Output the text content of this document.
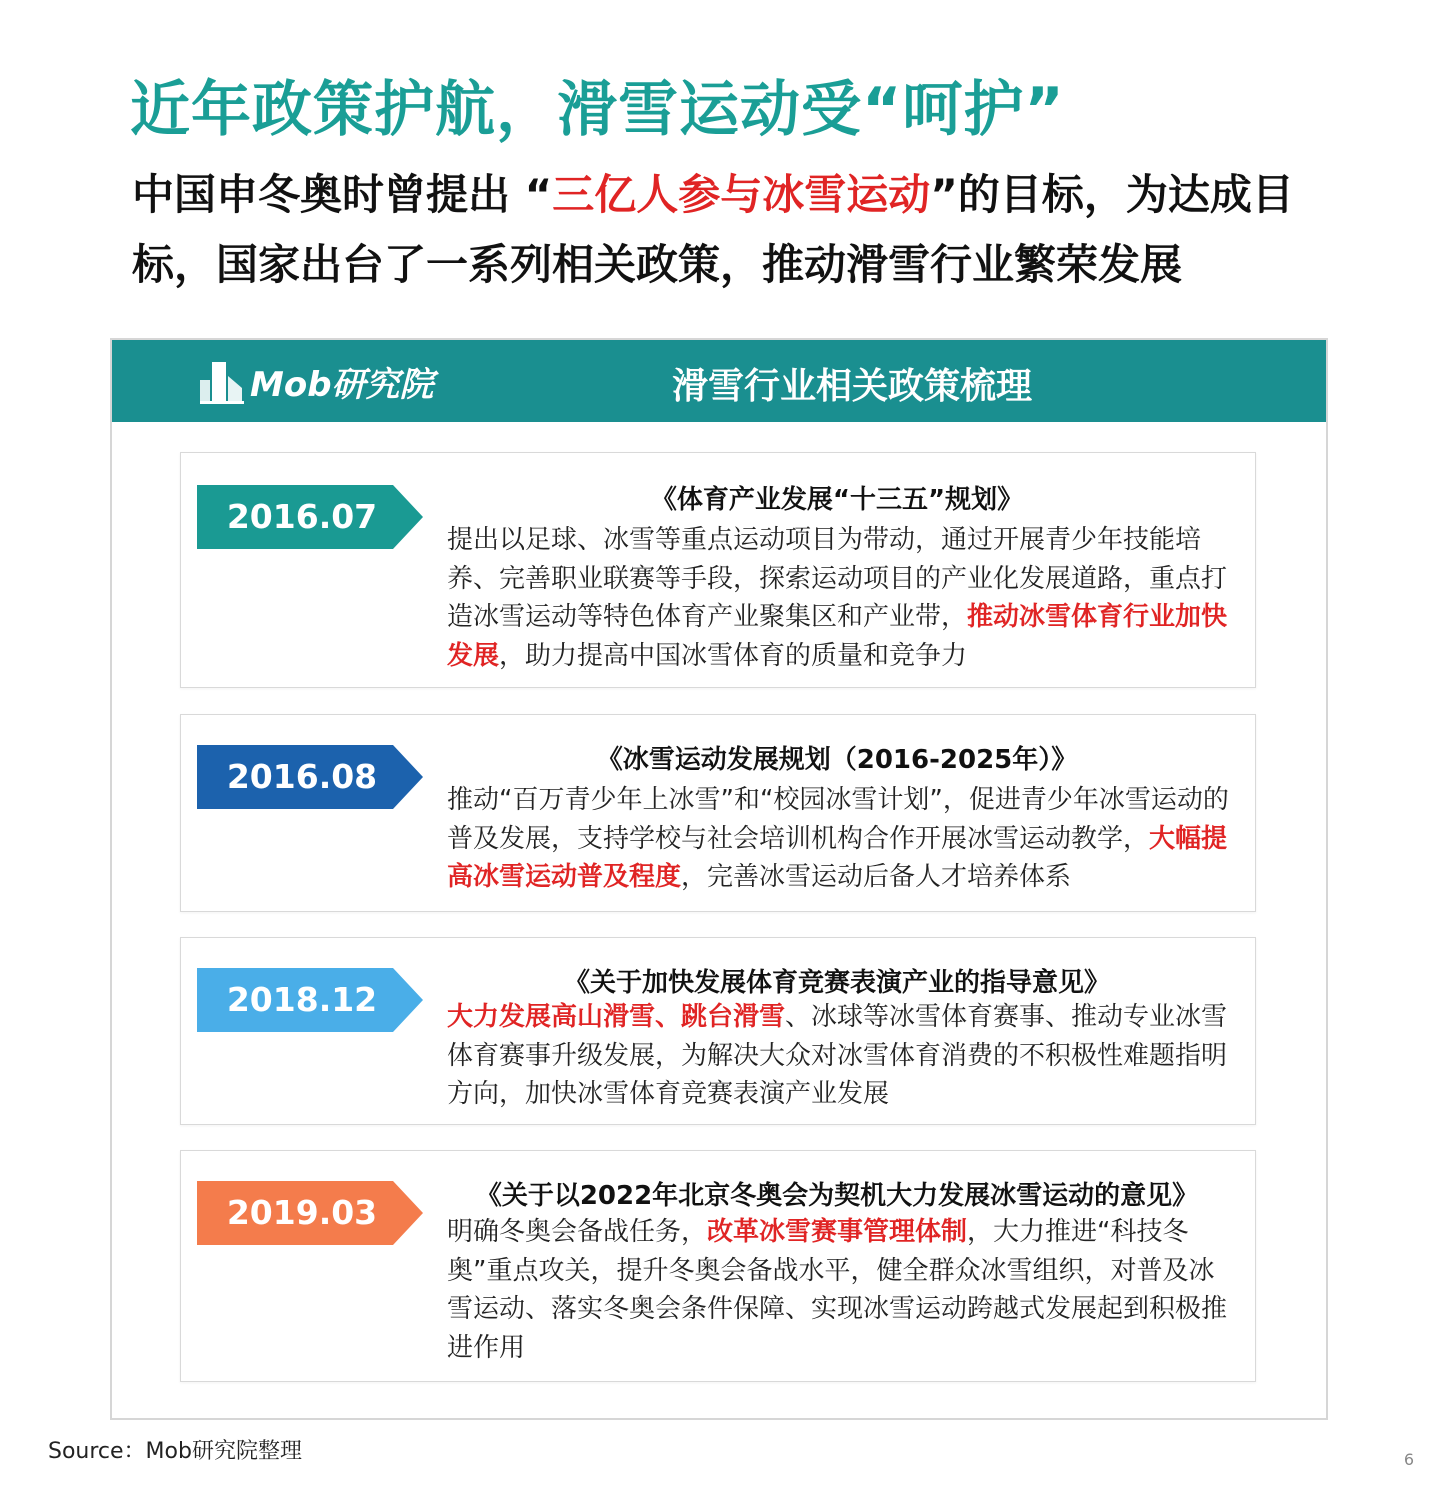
近年政策护航，滑雪运动受“呵护”
中国申冬奥时曾提出 “三亿人参与冰雪运动”的目标，为达成目标，国家出台了一系列相关政策，推动滑雪行业繁荣发展
Mob研究院	滑雪行业相关政策梳理
2016.07	《体育产业发展“十三五”规划》
提出以足球、冰雪等重点运动项目为带动，通过开展青少年技能培养、完善职业联赛等手段，探索运动项目的产业化发展道路，重点打造冰雪运动等特色体育产业聚集区和产业带，推动冰雪体育行业加快发展，助力提高中国冰雪体育的质量和竞争力
2016.08	《冰雪运动发展规划（2016-2025年）》
推动“百万青少年上冰雪”和“校园冰雪计划”，促进青少年冰雪运动的普及发展，支持学校与社会培训机构合作开展冰雪运动教学，大幅提高冰雪运动普及程度，完善冰雪运动后备人才培养体系
2018.12	《关于加快发展体育竞赛表演产业的指导意见》
大力发展高山滑雪、跳台滑雪、冰球等冰雪体育赛事、推动专业冰雪体育赛事升级发展，为解决大众对冰雪体育消费的不积极性难题指明方向，加快冰雪体育竞赛表演产业发展
2019.03	《关于以2022年北京冬奥会为契机大力发展冰雪运动的意见》
明确冬奥会备战任务，改革冰雪赛事管理体制，大力推进“科技冬奥”重点攻关，提升冬奥会备战水平，健全群众冰雪组织，对普及冰雪运动、落实冬奥会条件保障、实现冰雪运动跨越式发展起到积极推进作用
Source：Mob研究院整理	6
